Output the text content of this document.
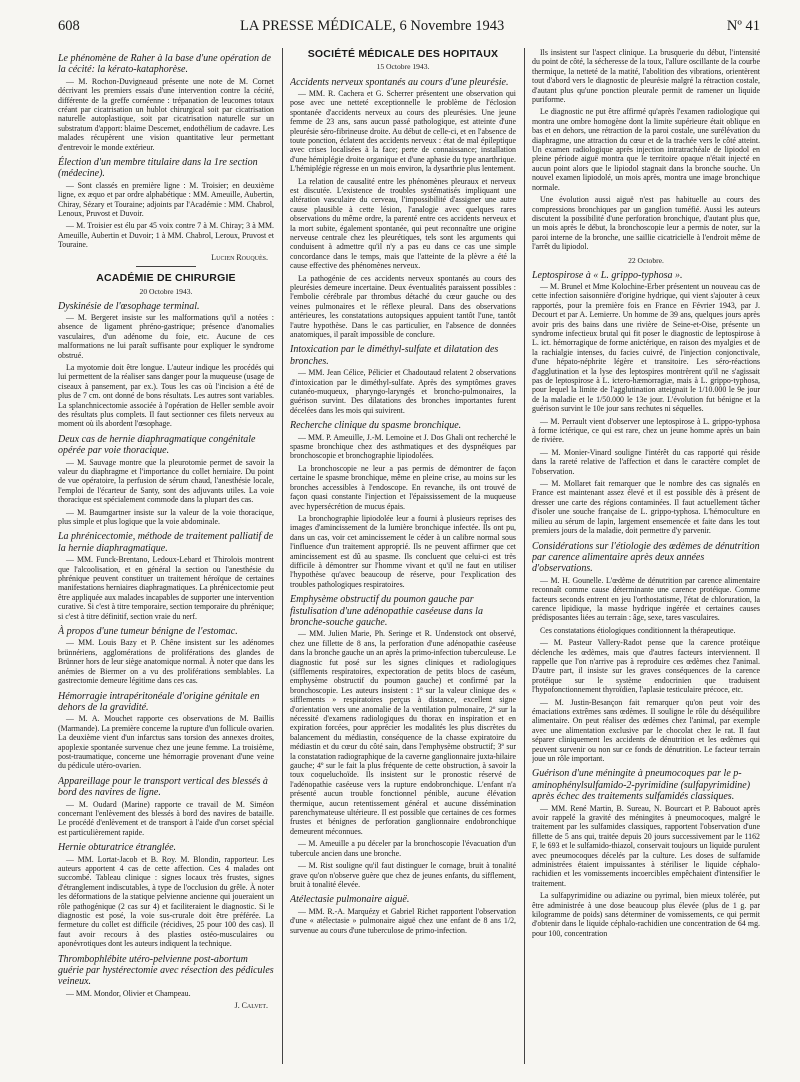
608	LA PRESSE MÉDICALE, 6 Novembre 1943	Nº 41
Le phénomène de Raher à la base d'une opération de la cécité: la kérato-kataphorèse.

— M. Rochon-Duvigneaud présente une note de M. Cornet décrivant les premiers essais d'une intervention contre la cécité, différente de la greffe cornéenne : trépanation de leucomes totaux créant par cicatrisation un hublot chirurgical soit par cicatrisation naturelle autoplastique, soit par cicatrisation naturelle sur un substratum d'apport: blaime Descemet, endothélium de cadavre. Les malades récupèrent une vision quantitative leur permettant d'entrevoir le monde extérieur.

Élection d'un membre titulaire dans la 1re section (médecine).

— Sont classés en première ligne : M. Troisier; en deuxième ligne, ex æquo et par ordre alphabétique : MM. Ameuille, Aubertin, Chiray, Sézary et Touraine; adjoints par l'Académie : MM. Chabrol, Lenoux, Pruvost et Duvoir.

— M. Troisier est élu par 45 voix contre 7 à M. Chiray; 3 à MM. Ameuille, Aubertin et Duvoir; 1 à MM. Chabrol, Leroux, Pruvost et Touraine.

Lucien Rouquès.

ACADÉMIE DE CHIRURGIE
20 Octobre 1943.
Dyskinésie de l'œsophage terminal.

— M. Bergeret insiste sur les malformations qu'il a notées : absence de ligament phréno-gastrique; présence d'anomalies vasculaires, d'un adénome du foie, etc. Aucune de ces malformations ne lui paraît suffisante pour expliquer le syndrome obstrué.

La myotomie doit être longue. L'auteur indique les procédés qui lui permettent de la réaliser sans danger pour la muqueuse (usage de ciseaux à pansement, par ex.). Tous les cas où l'incision a été de plus de 7 cm. ont donné de bons résultats. Les autres sont variables. La splanchnicectomie associée à l'opération de Heller semble avoir des résultats plus complets. Il faut sectionner ces filets nerveux au moment où ils abordent l'œsophage.

Deux cas de hernie diaphragmatique congénitale opérée par voie thoracique.

— M. Sauvage montre que la pleurotomie permet de savoir la valeur du diaphragme et l'importance du collet herniaire. Du point de vue opératoire, la perfusion de sérum chaud, l'anesthésie locale, l'emploi de l'écarteur de Santy, sont des adjuvants utiles. La voie thoracique est spécialement commode dans la plupart des cas.

— M. Baumgartner insiste sur la valeur de la voie thoracique, plus simple et plus logique que la voie abdominale.

La phrénicectomie, méthode de traitement palliatif de la hernie diaphragmatique.

— MM. Funck-Brentano, Ledoux-Lebard et Thirolois montrent que l'alcoolisation, et en général la section ou l'anesthésie du phrénique peuvent constituer un traitement héroïque de certaines manifestations herniaires diaphragmatiques. La phrénicectomie peut être appliquée aux malades incapables de supporter une intervention curative. Si c'est à titre temporaire, section temporaire du phrénique; si c'est à titre définitif, section vraie du nerf.

À propos d'une tumeur bénigne de l'estomac.

— MM. Louis Bazy et P. Chêne insistent sur les adénomes brünnériens, agglomérations de proliférations des glandes de Brünner hors de leur siège anatomique normal. À noter que dans les anémies de Biermer on a vu des proliférations semblables. La gastrectomie demeure légitime dans ces cas.

Hémorragie intrapéritonéale d'origine génitale en dehors de la gravidité.

— M. A. Mouchet rapporte ces observations de M. Baillis (Marmande). La première concerne la rupture d'un follicule ovarien. La deuxième vient d'un infarctus sans torsion des annexes droites, apoplexie spontanée survenue chez une jeune femme. La troisième, post-traumatique, concerne une hémorragie provenant d'une veine du pédicule utéro-ovarien.

Appareillage pour le transport vertical des blessés à bord des navires de ligne.

— M. Oudard (Marine) rapporte ce travail de M. Siméon concernant l'enlèvement des blessés à bord des navires de bataille. Le procédé d'enlèvement et de transport à l'aide d'un corset spécial est particulièrement rapide.

Hernie obturatrice étranglée.

— MM. Lortat-Jacob et B. Roy. M. Blondin, rapporteur. Les auteurs apportent 4 cas de cette affection. Ces 4 malades ont succombé. Tableau clinique : signes locaux très frustes, signes d'étranglement indiscutables, à type de l'occlusion du grêle. À noter les déformations de la statique pelvienne ancienne qui joueraient un rôle pathogénique (2 cas sur 4) et faciliteraient le diagnostic. Si le diagnostic est posé, la voie sus-crurale doit être préférée. La fermeture du collet est difficile (récidives, 25 pour 100 des cas). Il faut avoir recours à des plasties ostéo-musculaires ou aponévrotiques dont les auteurs indiquent la technique.

Thrombophlébite utéro-pelvienne post-abortum guérie par hystérectomie avec résection des pédicules veineux.

— MM. Mondor, Olivier et Champeau.

J. Calvet.

SOCIÉTÉ MÉDICALE DES HOPITAUX
15 Octobre 1943.
Accidents nerveux spontanés au cours d'une pleurésie.

— MM. R. Cachera et G. Scherrer présentent une observation qui pose avec une netteté exceptionnelle le problème de l'éclosion spontanée d'accidents nerveux au cours des pleurésies. Une jeune femme de 23 ans, sans aucun passé pathologique, est atteinte d'une pleurésie séro-fibrineuse droite. Au début de celle-ci, et en l'absence de toute ponction, éclatent des accidents nerveux : état de mal épileptique avec crises localisées à la face; perte de connaissance; installation d'une hémiplégie droite organique et d'une aphasie du type anarthrique. L'hémiplégie régresse en un mois environ, la dysarthrie plus lentement.

La relation de causalité entre les phénomènes pleuraux et nerveux est discutée. L'existence de troubles systématisés impliquant une altération vasculaire du cerveau, l'impossibilité d'assigner une autre cause plausible à cette lésion, l'analogie avec quelques rares observations du même ordre, la parenté entre ces accidents nerveux et la mort subite, également spontanée, qui peut reconnaître une origine nerveuse centrale chez les pleurétiques, tels sont les arguments qui conduisent à admettre qu'il n'y a pas eu dans ce cas une simple concordance dans le temps, mais que l'atteinte de la plèvre a été la cause effective des phénomènes nerveux.

La pathogénie de ces accidents nerveux spontanés au cours des pleurésies demeure incertaine. Deux éventualités paraissent possibles : l'embolie cérébrale par thrombus détaché du cœur gauche ou des veines pulmonaires et le réflexe pleural. Dans des observations antérieures, les constatations autopsiques appuient tantôt l'une, tantôt l'autre hypothèse. Dans le cas particulier, en l'absence de données anatomiques, il paraît impossible de conclure.

Intoxication par le diméthyl-sulfate et dilatation des bronches.

— MM. Jean Célice, Pélicier et Chadoutaud relatent 2 observations d'intoxication par le diméthyl-sulfate. Après des symptômes graves cutanéo-muqueux, pharyngo-laryngés et broncho-pulmonaires, la guérison survint. Des dilatations des bronches importantes furent décelées dans les mois qui suivirent.

Recherche clinique du spasme bronchique.

— MM. P. Ameuille, J.-M. Lemoine et J. Dos Ghali ont recherché le spasme bronchique chez des asthmatiques et des dyspnéiques par bronchoscopie et bronchographie lipiodolées.

La bronchoscopie ne leur a pas permis de démontrer de façon certaine le spasme bronchique, même en pleine crise, au moins sur les bronches accessibles à l'endoscope. En revanche, ils ont trouvé de façon quasi constante l'injection et l'épaississement de la muqueuse avec hypersécrétion de mucus épais.

La bronchographie lipiodolée leur a fourni à plusieurs reprises des images d'amincissement de la lumière bronchique infectée. Ils ont pu, dans un cas, voir cet amincissement le céder à un calibre normal sous l'influence d'un traitement approprié. Ils ne peuvent affirmer que cet amincissement est dû au spasme. Ils concluent que celui-ci est très difficile à démontrer sur l'homme vivant et qu'il ne faut en utiliser l'hypothèse qu'avec beaucoup de réserve, pour l'explication des troubles pathologiques respiratoires.

Emphysème obstructif du poumon gauche par fistulisation d'une adénopathie caséeuse dans la bronche-souche gauche.

— MM. Julien Marie, Ph. Seringe et R. Undenstock ont observé, chez une fillette de 8 ans, la perforation d'une adénopathie caséeuse dans la bronche gauche un an après la primo-infection tuberculeuse. Le diagnostic fut posé sur les signes cliniques et radiologiques (sifflements respiratoires, expectoration de petits blocs de caséum, emphysème obstructif du poumon gauche) et confirmé par la bronchoscopie. Les auteurs insistent : 1º sur la valeur clinique des « sifflements » respiratoires perçus à distance, excellent signe d'orientation vers une anomalie de la ventilation pulmonaire, 2º sur la nécessité d'examens radiologiques du thorax en inspiration et en expiration forcées, pour apprécier les modalités les plus discrètes du balancement du médiastin, conséquence de la chasse expiratoire du médiastin et du cœur du côté sain, dans l'emphysème obstructif; 3º sur la constatation radiographique de la caverne ganglionnaire juxta-hilaire gauche; 4º sur le fait la plus fréquente de cette obstruction, à savoir la toux coqueluchoïde. Ils insistent sur le pronostic réservé de l'adénopathie caséeuse vers la rupture endobronchique. L'enfant n'a présenté aucun trouble fonctionnel pénible, aucune élévation thermique, aucun retentissement général et aucune dissémination parenchymateuse ultérieure. Il est possible que certaines de ces formes frustes et bénignes de perforation ganglionnaire endobronchique demeurent méconnues.

— M. Ameuille a pu déceler par la bronchoscopie l'évacuation d'un tubercule ancien dans une bronche.

— M. Rist souligne qu'il faut distinguer le cornage, bruit à tonalité grave qu'on n'observe guère que chez de jeunes enfants, du sifflement, bruit à tonalité élevée.

Atélectasie pulmonaire aiguë.

— MM. R.-A. Marquézy et Gabriel Richet rapportent l'observation d'une « atélectasie » pulmonaire aiguë chez une enfant de 8 ans 1/2, survenue au cours d'une tuberculose de primo-infection.

Ils insistent sur l'aspect clinique. La brusquerie du début, l'intensité du point de côté, la sécheresse de la toux, l'allure oscillante de la courbe thermique, la netteté de la matité, l'abolition des vibrations, orientèrent tout d'abord vers le diagnostic de pleurésie malgré la rétraction costale, d'autant plus qu'une ponction pleurale permit de ramener un liquide puriforme.

Le diagnostic ne put être affirmé qu'après l'examen radiologique qui montra une ombre homogène dont la limite supérieure était oblique en bas et en dehors, une rétraction de la paroi costale, une surélévation du diaphragme, une attraction du cœur et de la trachée vers le côté atteint. Un examen radiologique après injection intratrachéale de lipiodol en pleine période aiguë montra que le territoire opaque n'était injecté en aucun point alors que le lipiodol stagnait dans la bronche souche. Un nouvel examen lipiodolé, un mois après, montra une image bronchique normale.

Une évolution aussi aiguë n'est pas habituelle au cours des compressions bronchiques par un ganglion tuméfié. Aussi les auteurs discutent la possibilité d'une perforation bronchique, d'autant plus que, un mois après le début, la bronchoscopie leur a permis de noter, sur la paroi interne de la bronche, une saillie cicatricielle à l'endroit même de l'arrêt du lipiodol.

22 Octobre.
Leptospirose à « L. grippo-typhosa ».

— M. Brunel et Mme Kolochine-Erber présentent un nouveau cas de cette infection saisonnière d'origine hydrique, qui vient s'ajouter à ceux rapportés, pour la première fois en France en Février 1943, par J. Decourt et par A. Lemierre. Un homme de 39 ans, quelques jours après avoir pris des bains dans une rivière de Seine-et-Oise, présente un syndrome infectieux brutal qui fit poser le diagnostic de leptospirose à L. ict. hémorragique de forme anictérique, en raison des myalgies et de la rachialgie intenses, du facies cuivré, de l'injection conjonctivale, d'une hépato-néphrite légère et transitoire. Les séro-réactions d'agglutination et la lyse des leptospires montrèrent qu'il ne s'agissait pas de leptospirose à L. ictero-hæmorragiæ, mais à L. grippo-typhosa, pour lequel la limite de l'agglutination atteignait le 1/10.000 le 9e jour de la maladie et le 1/50.000 le 13e jour. L'évolution fut bénigne et la guérison survint le 10e jour sans rechutes ni séquelles.

— M. Perrault vient d'observer une leptospirose à L. grippo-typhosa à forme ictérique, ce qui est rare, chez un jeune homme après un bain de rivière.

— M. Monier-Vinard souligne l'intérêt du cas rapporté qui réside dans la rareté relative de l'affection et dans le caractère complet de l'observation.

— M. Mollaret fait remarquer que le nombre des cas signalés en France est maintenant assez élevé et il est possible dès à présent de dresser une carte des régions contaminées. Il faut actuellement tâcher d'isoler une souche française de L. grippo-typhosa. L'hémoculture en milieu au sérum de lapin, largement ensemencée et faite dans les tout premiers jours de la maladie, doit permettre d'y parvenir.

Considérations sur l'étiologie des œdèmes de dénutrition par carence alimentaire après deux années d'observations.

— M. H. Gounelle. L'œdème de dénutrition par carence alimentaire reconnaît comme cause déterminante une carence protéique. Comme facteurs seconds entrent en jeu l'orthostatisme, l'état de chloruration, la carence lipidique, la masse hydrique ingérée et certaines causes prédisposantes liées au terrain : âge, sexe, tares vasculaires.

Ces constatations étiologiques conditionnent la thérapeutique.

— M. Pasteur Vallery-Radot pense que la carence protéique déclenche les œdèmes, mais que d'autres facteurs interviennent. Il rappelle que l'on n'arrive pas à reproduire ces œdèmes chez l'animal. D'autre part, il insiste sur les graves conséquences de la carence protéique sur le système endocrinien que traduisent l'hypofonctionnement thyroïdien, l'aplasie testiculaire précoce, etc.

— M. Justin-Besançon fait remarquer qu'on peut voir des émaciations extrêmes sans œdèmes. Il souligne le rôle du déséquilibre alimentaire. On peut réaliser des œdèmes chez l'animal, par exemple avec une alimentation exclusive par le chocolat chez le rat. Il faut séparer cliniquement les accidents de dénutrition et les œdèmes qui peuvent survenir ou non sur ce fonds de dénutrition. Le facteur terrain joue un rôle important.

Guérison d'une méningite à pneumocoques par le p-aminophénylsulfamido-2-pyrimidine (sulfapyrimidine) après échec des traitements sulfamidés classiques.

— MM. René Martin, B. Sureau, N. Bourcart et P. Babouot après avoir rappelé la gravité des méningites à pneumocoques, malgré le traitement par les sulfamides classiques, rapportent l'observation d'une fillette de 5 ans qui, traitée depuis 20 jours successivement par le 1162 F, le 693 et le sulfamido-thiazol, conservait toujours un liquide purulent avec pneumocoques décelés par la culture. Les doses de sulfamide administrées étaient impuissantes à stériliser le liquide céphalo-rachidien et les vomissements incoercibles empêchaient d'intensifier le traitement.

La sulfapyrimidine ou adiazine ou pyrimal, bien mieux tolérée, put être administrée à une dose beaucoup plus élevée (plus de 1 g. par kilogramme de poids) sans déterminer de vomissements, ce qui permit d'obtenir dans le liquide céphalo-rachidien une concentration de 64 mg. pour 100, concentration
